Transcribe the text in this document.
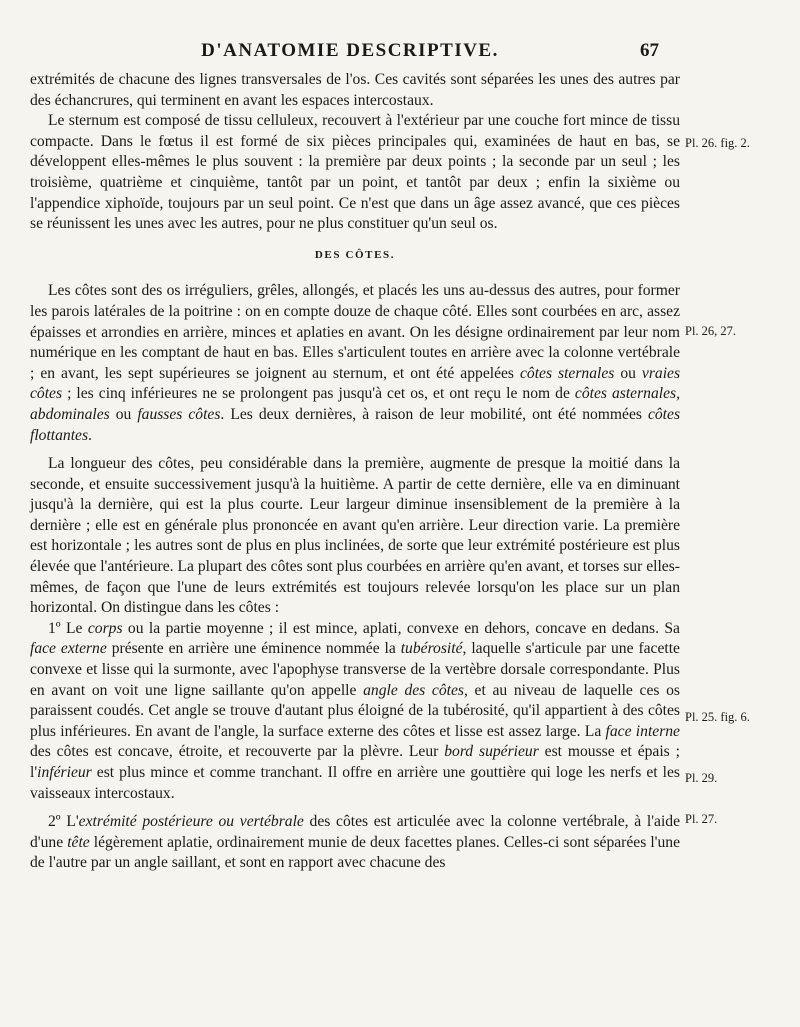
D'ANATOMIE DESCRIPTIVE.	67

extrémités de chacune des lignes transversales de l'os. Ces cavités sont séparées les unes des autres par des échancrures, qui terminent en avant les espaces intercostaux.

Le sternum est composé de tissu celluleux, recouvert à l'extérieur par une couche fort mince de tissu compacte. Dans le fœtus il est formé de six pièces principales qui, examinées de haut en bas, se développent elles-mêmes le plus souvent : la première par deux points ; la seconde par un seul ; les troisième, quatrième et cinquième, tantôt par un point, et tantôt par deux ; enfin la sixième ou l'appendice xiphoïde, toujours par un seul point. Ce n'est que dans un âge assez avancé, que ces pièces se réunissent les unes avec les autres, pour ne plus constituer qu'un seul os.

DES CÔTES.

Les côtes sont des os irréguliers, grêles, allongés, et placés les uns au-dessus des autres, pour former les parois latérales de la poitrine : on en compte douze de chaque côté. Elles sont courbées en arc, assez épaisses et arrondies en arrière, minces et aplaties en avant. On les désigne ordinairement par leur nom numérique en les comptant de haut en bas. Elles s'articulent toutes en arrière avec la colonne vertébrale ; en avant, les sept supérieures se joignent au sternum, et ont été appelées côtes sternales ou vraies côtes ; les cinq inférieures ne se prolongent pas jusqu'à cet os, et ont reçu le nom de côtes asternales, abdominales ou fausses côtes. Les deux dernières, à raison de leur mobilité, ont été nommées côtes flottantes.

La longueur des côtes, peu considérable dans la première, augmente de presque la moitié dans la seconde, et ensuite successivement jusqu'à la huitième. A partir de cette dernière, elle va en diminuant jusqu'à la dernière, qui est la plus courte. Leur largeur diminue insensiblement de la première à la dernière ; elle est en générale plus prononcée en avant qu'en arrière. Leur direction varie. La première est horizontale ; les autres sont de plus en plus inclinées, de sorte que leur extrémité postérieure est plus élevée que l'antérieure. La plupart des côtes sont plus courbées en arrière qu'en avant, et torses sur elles-mêmes, de façon que l'une de leurs extrémités est toujours relevée lorsqu'on les place sur un plan horizontal. On distingue dans les côtes :

1º Le corps ou la partie moyenne ; il est mince, aplati, convexe en dehors, concave en dedans. Sa face externe présente en arrière une éminence nommée la tubérosité, laquelle s'articule par une facette convexe et lisse qui la surmonte, avec l'apophyse transverse de la vertèbre dorsale correspondante. Plus en avant on voit une ligne saillante qu'on appelle angle des côtes, et au niveau de laquelle ces os paraissent coudés. Cet angle se trouve d'autant plus éloigné de la tubérosité, qu'il appartient à des côtes plus inférieures. En avant de l'angle, la surface externe des côtes et lisse est assez large. La face interne des côtes est concave, étroite, et recouverte par la plèvre. Leur bord supérieur est mousse et épais ; l'inférieur est plus mince et comme tranchant. Il offre en arrière une gouttière qui loge les nerfs et les vaisseaux intercostaux.

2º L'extrémité postérieure ou vertébrale des côtes est articulée avec la colonne vertébrale, à l'aide d'une tête légèrement aplatie, ordinairement munie de deux facettes planes. Celles-ci sont séparées l'une de l'autre par un angle saillant, et sont en rapport avec chacune des

Pl. 26. fig. 2.
Pl. 26, 27.
Pl. 25. fig. 6.
Pl. 29.
Pl. 27.
